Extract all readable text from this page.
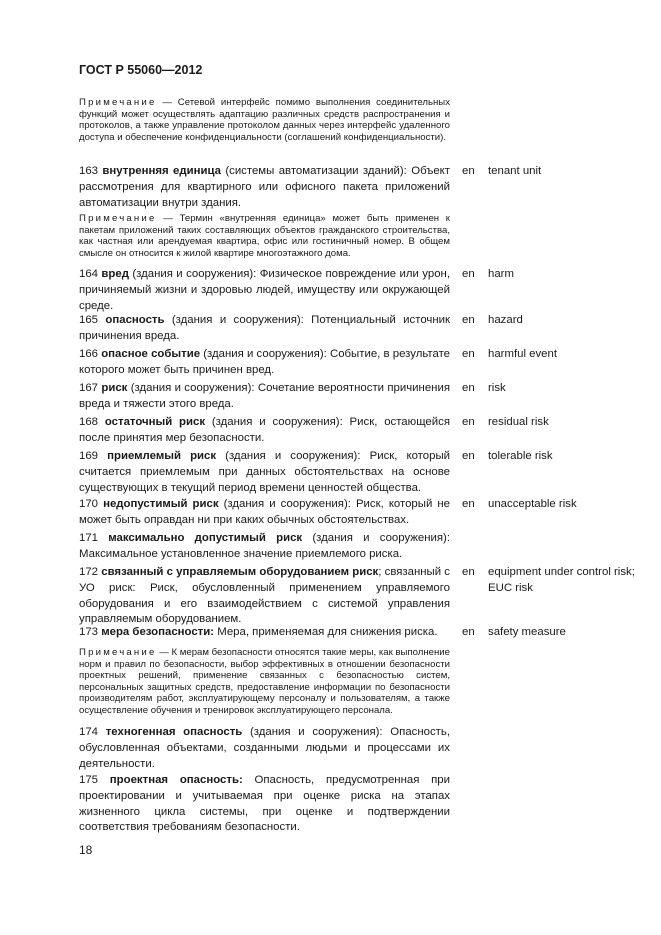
ГОСТ Р 55060—2012
Примечание — Сетевой интерфейс помимо выполнения соединительных функций может осуществлять адаптацию различных средств распространения и протоколов, а также управление протоколом данных через интерфейс удаленного доступа и обеспечение конфиденциальности (соглашений конфиденциальности).
163 внутренняя единица (системы автоматизации зданий): Объект рассмотрения для квартирного или офисного пакета приложений автоматизации внутри здания.
en tenant unit
Примечание — Термин «внутренняя единица» может быть применен к пакетам приложений таких составляющих объектов гражданского строительства, как частная или арендуемая квартира, офис или гостиничный номер. В общем смысле он относится к жилой квартире многоэтажного дома.
164 вред (здания и сооружения): Физическое повреждение или урон, причиняемый жизни и здоровью людей, имуществу или окружающей среде.
en harm
165 опасность (здания и сооружения): Потенциальный источник причинения вреда.
en hazard
166 опасное событие (здания и сооружения): Событие, в результате которого может быть причинен вред.
en harmful event
167 риск (здания и сооружения): Сочетание вероятности причинения вреда и тяжести этого вреда.
en risk
168 остаточный риск (здания и сооружения): Риск, остающейся после принятия мер безопасности.
en residual risk
169 приемлемый риск (здания и сооружения): Риск, который считается приемлемым при данных обстоятельствах на основе существующих в текущий период времени ценностей общества.
en tolerable risk
170 недопустимый риск (здания и сооружения): Риск, который не может быть оправдан ни при каких обычных обстоятельствах.
en unacceptable risk
171 максимально допустимый риск (здания и сооружения): Максимальное установленное значение приемлемого риска.
172 связанный с управляемым оборудованием риск; связанный с УО риск: Риск, обусловленный применением управляемого оборудования и его взаимодействием с системой управления управляемым оборудованием.
en equipment under control risk; EUC risk
173 мера безопасности: Мера, применяемая для снижения риска.	en safety measure
Примечание — К мерам безопасности относятся такие меры, как выполнение норм и правил по безопасности, выбор эффективных в отношении безопасности проектных решений, применение связанных с безопасностью систем, персональных защитных средств, предоставление информации по безопасности производителям работ, эксплуатирующему персоналу и пользователям, а также осуществление обучения и тренировок эксплуатирующего персонала.
174 техногенная опасность (здания и сооружения): Опасность, обусловленная объектами, созданными людьми и процессами их деятельности.
175 проектная опасность: Опасность, предусмотренная при проектировании и учитываемая при оценке риска на этапах жизненного цикла системы, при оценке и подтверждении соответствия требованиям безопасности.
18
